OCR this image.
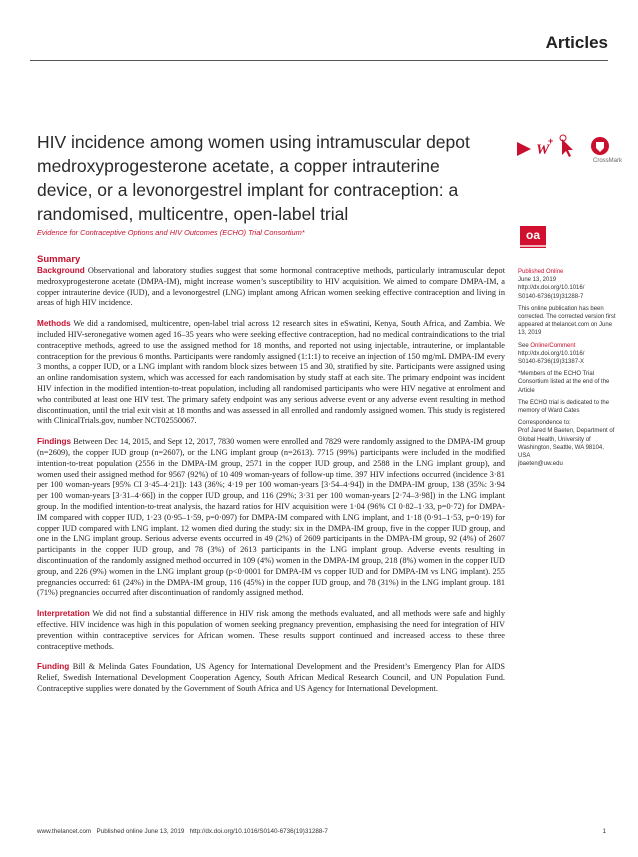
Articles
HIV incidence among women using intramuscular depot medroxyprogesterone acetate, a copper intrauterine device, or a levonorgestrel implant for contraception: a randomised, multicentre, open-label trial
W
+
CrossMark
Evidence for Contraceptive Options and HIV Outcomes (ECHO) Trial Consortium*	oa
Summary

Background Observational and laboratory studies suggest that some hormonal contraceptive methods, particularly intramuscular depot medroxyprogesterone acetate (DMPA-IM), might increase women’s susceptibility to HIV acquisition. We aimed to compare DMPA-IM, a copper intrauterine device (IUD), and a levonorgestrel (LNG) implant among African women seeking effective contraception and living in areas of high HIV incidence.

Methods We did a randomised, multicentre, open-label trial across 12 research sites in eSwatini, Kenya, South Africa, and Zambia. We included HIV-seronegative women aged 16–35 years who were seeking effective contraception, had no medical contraindications to the trial contraceptive methods, agreed to use the assigned method for 18 months, and reported not using injectable, intrauterine, or implantable contraception for the previous 6 months. Participants were randomly assigned (1:1:1) to receive an injection of 150 mg/mL DMPA-IM every 3 months, a copper IUD, or a LNG implant with random block sizes between 15 and 30, stratified by site. Participants were assigned using an online randomisation system, which was accessed for each randomisation by study staff at each site. The primary endpoint was incident HIV infection in the modified intention-to-treat population, including all randomised participants who were HIV negative at enrolment and who contributed at least one HIV test. The primary safety endpoint was any serious adverse event or any adverse event resulting in method discontinuation, until the trial exit visit at 18 months and was assessed in all enrolled and randomly assigned women. This study is registered with ClinicalTrials.gov, number NCT02550067.

Findings Between Dec 14, 2015, and Sept 12, 2017, 7830 women were enrolled and 7829 were randomly assigned to the DMPA-IM group (n=2609), the copper IUD group (n=2607), or the LNG implant group (n=2613). 7715 (99%) participants were included in the modified intention-to-treat population (2556 in the DMPA-IM group, 2571 in the copper IUD group, and 2588 in the LNG implant group), and women used their assigned method for 9567 (92%) of 10 409 woman-years of follow-up time. 397 HIV infections occurred (incidence 3·81 per 100 woman-years [95% CI 3·45–4·21]): 143 (36%; 4·19 per 100 woman-years [3·54–4·94]) in the DMPA-IM group, 138 (35%: 3·94 per 100 woman-years [3·31–4·66]) in the copper IUD group, and 116 (29%; 3·31 per 100 woman-years [2·74–3·98]) in the LNG implant group. In the modified intention-to-treat analysis, the hazard ratios for HIV acquisition were 1·04 (96% CI 0·82–1·33, p=0·72) for DMPA-IM compared with copper IUD, 1·23 (0·95–1·59, p=0·097) for DMPA-IM compared with LNG implant, and 1·18 (0·91–1·53, p=0·19) for copper IUD compared with LNG implant. 12 women died during the study: six in the DMPA-IM group, five in the copper IUD group, and one in the LNG implant group. Serious adverse events occurred in 49 (2%) of 2609 participants in the DMPA-IM group, 92 (4%) of 2607 participants in the copper IUD group, and 78 (3%) of 2613 participants in the LNG implant group. Adverse events resulting in discontinuation of the randomly assigned method occurred in 109 (4%) women in the DMPA-IM group, 218 (8%) women in the copper IUD group, and 226 (9%) women in the LNG implant group (p<0·0001 for DMPA-IM vs copper IUD and for DMPA-IM vs LNG implant). 255 pregnancies occurred: 61 (24%) in the DMPA-IM group, 116 (45%) in the copper IUD group, and 78 (31%) in the LNG implant group. 181 (71%) pregnancies occurred after discontinuation of randomly assigned method.

Interpretation We did not find a substantial difference in HIV risk among the methods evaluated, and all methods were safe and highly effective. HIV incidence was high in this population of women seeking pregnancy prevention, emphasising the need for integration of HIV prevention within contraceptive services for African women. These results support continued and increased access to these three contraceptive methods.

Funding Bill & Melinda Gates Foundation, US Agency for International Development and the President’s Emergency Plan for AIDS Relief, Swedish International Development Cooperation Agency, South African Medical Research Council, and UN Population Fund. Contraceptive supplies were donated by the Government of South Africa and US Agency for International Development.

Published Online
June 13, 2019
http://dx.doi.org/10.1016/
S0140-6736(19)31288-7

This online publication has been corrected. The corrected version first appeared at thelancet.com on June 13, 2019

See Online/Comment
http://dx.doi.org/10.1016/
S0140-6736(19)31387-X

*Members of the ECHO Trial Consortium listed at the end of the Article

The ECHO trial is dedicated to the memory of Ward Cates

Correspondence to:
Prof Jared M Baeten, Department of Global Health, University of Washington, Seattle, WA 98104, USA
jbaeten@uw.edu

www.thelancet.com Published online June 13, 2019 http://dx.doi.org/10.1016/S0140-6736(19)31288-7	1
